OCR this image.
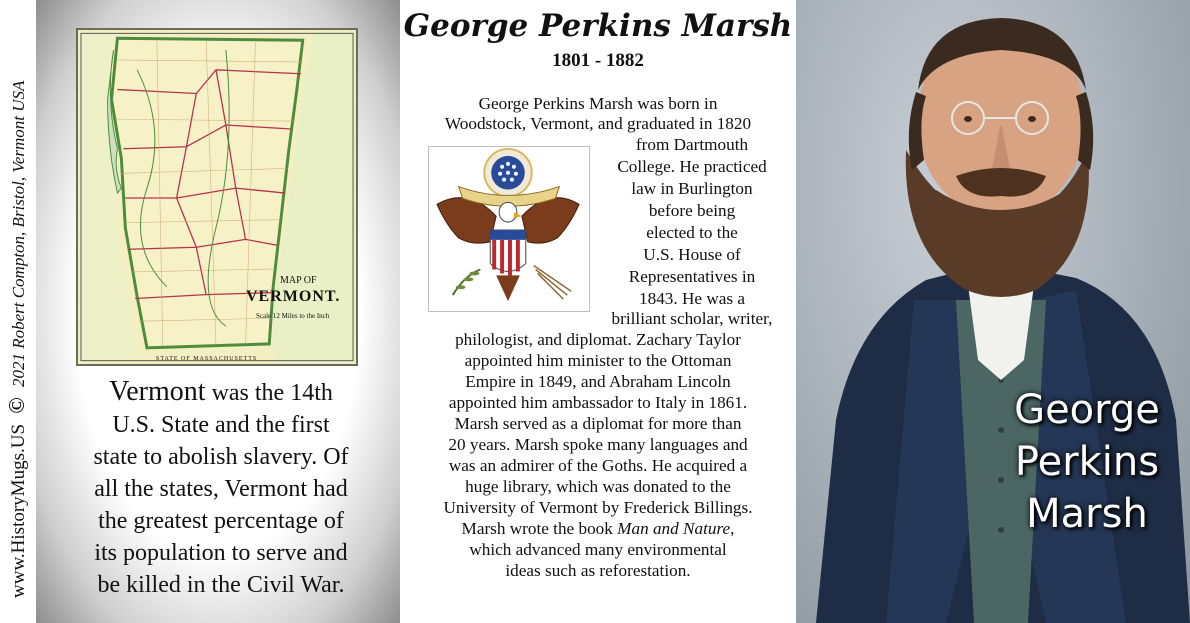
www.HistoryMugs.US © 2021 Robert Compton, Bristol, Vermont USA	MAP OF
VERMONT.
Scale 12 Miles to the Inch
STATE OF MASSACHUSETTS
Vermont was the 14th
U.S. State and the first
state to abolish slavery. Of
all the states, Vermont had
the greatest percentage of
its population to serve and
be killed in the Civil War.
George Perkins Marsh
1801 - 1882
George Perkins Marsh was born in
Woodstock, Vermont, and graduated in 1820
from Dartmouth
College. He practiced
law in Burlington
before being
elected to the
U.S. House of
Representatives in
1843. He was a
brilliant scholar, writer,
philologist, and diplomat. Zachary Taylor
appointed him minister to the Ottoman
Empire in 1849, and Abraham Lincoln
appointed him ambassador to Italy in 1861.
Marsh served as a diplomat for more than
20 years. Marsh spoke many languages and
was an admirer of the Goths. He acquired a
huge library, which was donated to the
University of Vermont by Frederick Billings.
Marsh wrote the book Man and Nature,
which advanced many environmental
ideas such as reforestation.
George
Perkins
Marsh
